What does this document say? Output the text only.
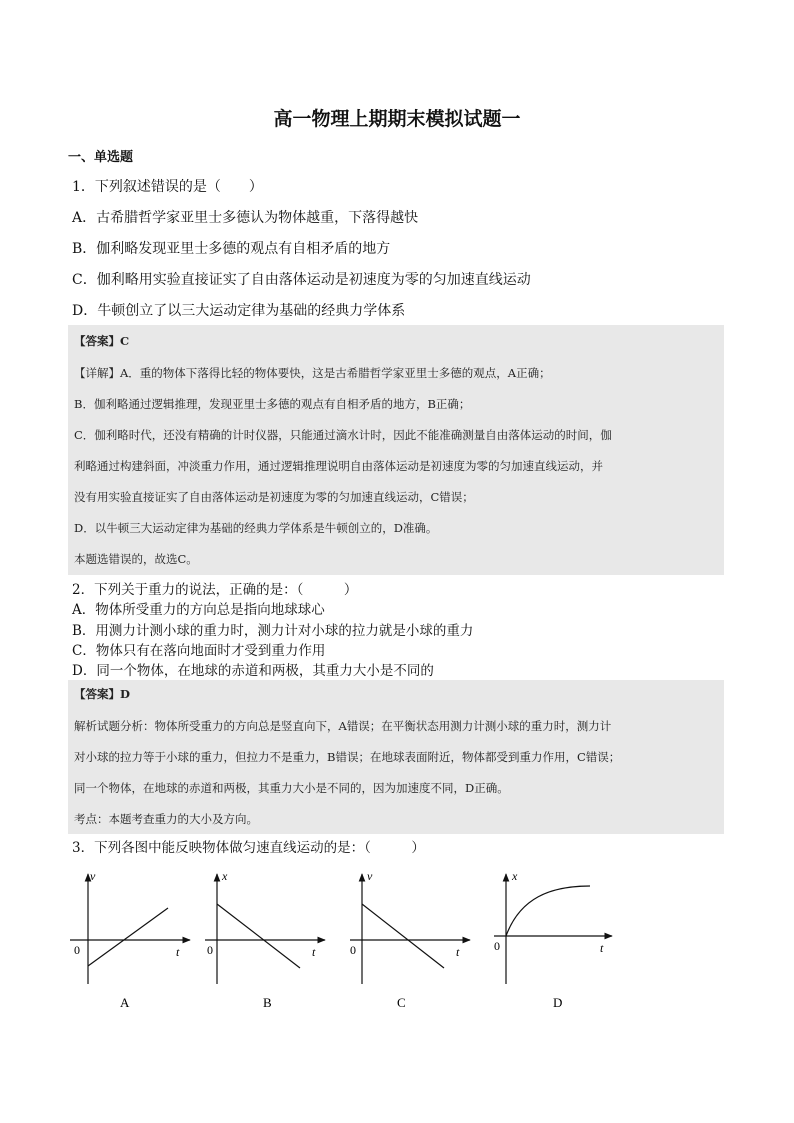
高一物理上期期末模拟试题一
一、单选题
1．下列叙述错误的是（　　）
A．古希腊哲学家亚里士多德认为物体越重，下落得越快
B．伽利略发现亚里士多德的观点有自相矛盾的地方
C．伽利略用实验直接证实了自由落体运动是初速度为零的匀加速直线运动
D．牛顿创立了以三大运动定律为基础的经典力学体系
【答案】C
【详解】A．重的物体下落得比轻的物体要快，这是古希腊哲学家亚里士多德的观点，A正确；
B．伽利略通过逻辑推理，发现亚里士多德的观点有自相矛盾的地方，B正确；
C．伽利略时代，还没有精确的计时仪器，只能通过滴水计时，因此不能准确测量自由落体运动的时间，伽
利略通过构建斜面，冲淡重力作用，通过逻辑推理说明自由落体运动是初速度为零的匀加速直线运动，并
没有用实验直接证实了自由落体运动是初速度为零的匀加速直线运动，C错误；
D．以牛顿三大运动定律为基础的经典力学体系是牛顿创立的，D准确。
本题选错误的，故选C。
2．下列关于重力的说法，正确的是：（　　　）
A．物体所受重力的方向总是指向地球球心
B．用测力计测小球的重力时，测力计对小球的拉力就是小球的重力
C．物体只有在落向地面时才受到重力作用
D．同一个物体，在地球的赤道和两极，其重力大小是不同的
【答案】D
解析试题分析：物体所受重力的方向总是竖直向下，A错误；在平衡状态用测力计测小球的重力时，测力计
对小球的拉力等于小球的重力，但拉力不是重力，B错误；在地球表面附近，物体都受到重力作用，C错误；
同一个物体，在地球的赤道和两极，其重力大小是不同的，因为加速度不同，D正确。
考点：本题考查重力的大小及方向。
3．下列各图中能反映物体做匀速直线运动的是：（　　　）
v
t
0
A
x
t
0
B
v
t
0
C
x
t
0
D
